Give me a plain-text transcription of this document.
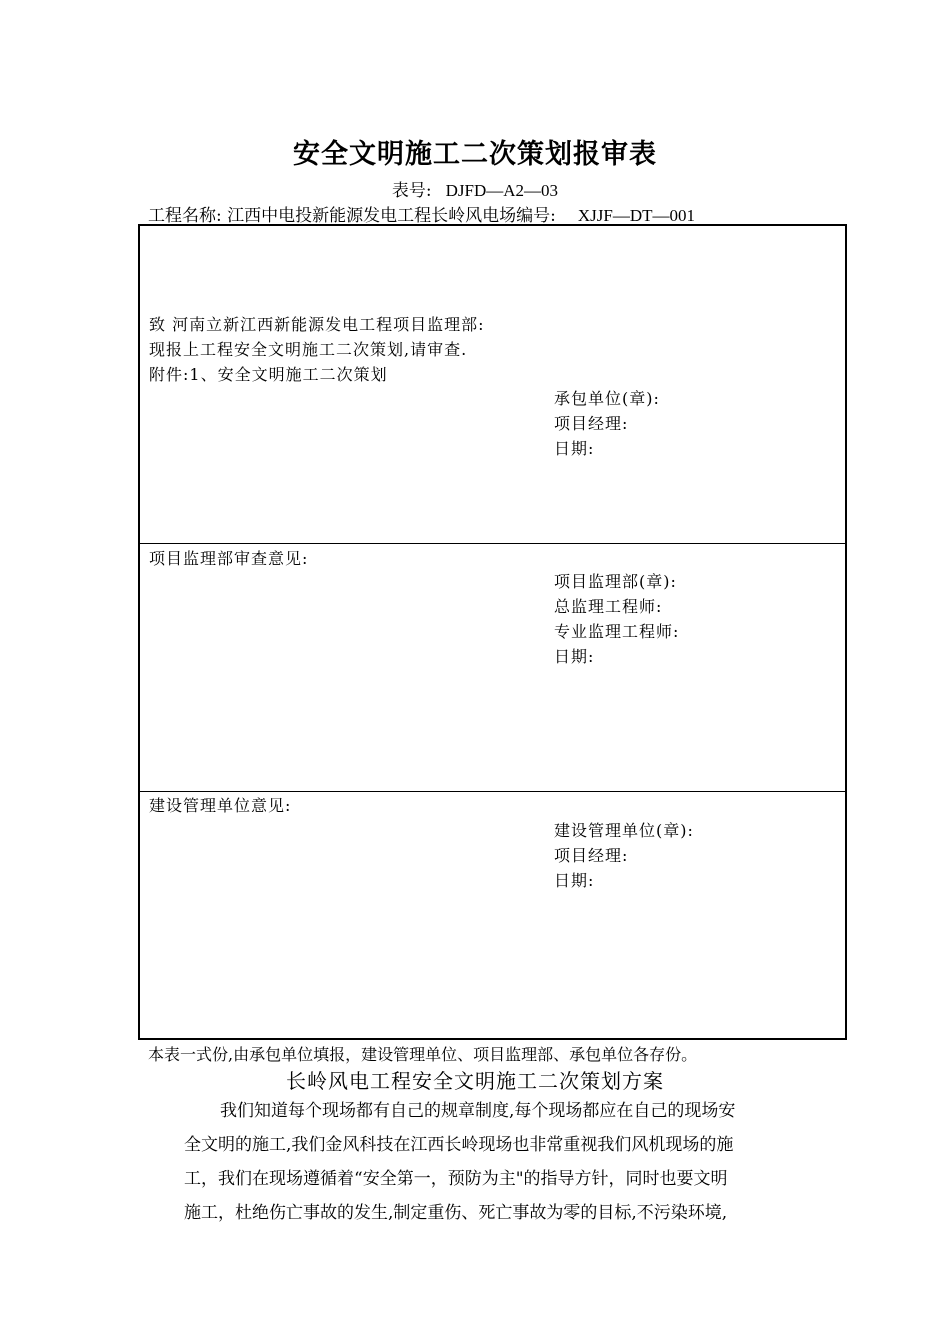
安全文明施工二次策划报审表
表号: DJFD—A2—03
工程名称: 江西中电投新能源发电工程长岭风电场编号: XJJF—DT—001
致 河南立新江西新能源发电工程项目监理部:
现报上工程安全文明施工二次策划,请审查.
附件:1、安全文明施工二次策划
承包单位(章):
项目经理:
日期:
项目监理部审查意见:
项目监理部(章):
总监理工程师:
专业监理工程师:
日期:
建设管理单位意见:
建设管理单位(章):
项目经理:
日期:
本表一式份,由承包单位填报，建设管理单位、项目监理部、承包单位各存份。
长岭风电工程安全文明施工二次策划方案
我们知道每个现场都有自己的规章制度,每个现场都应在自己的现场安
全文明的施工,我们金风科技在江西长岭现场也非常重视我们风机现场的施
工，我们在现场遵循着“安全第一，预防为主"的指导方针，同时也要文明
施工，杜绝伤亡事故的发生,制定重伤、死亡事故为零的目标,不污染环境,
